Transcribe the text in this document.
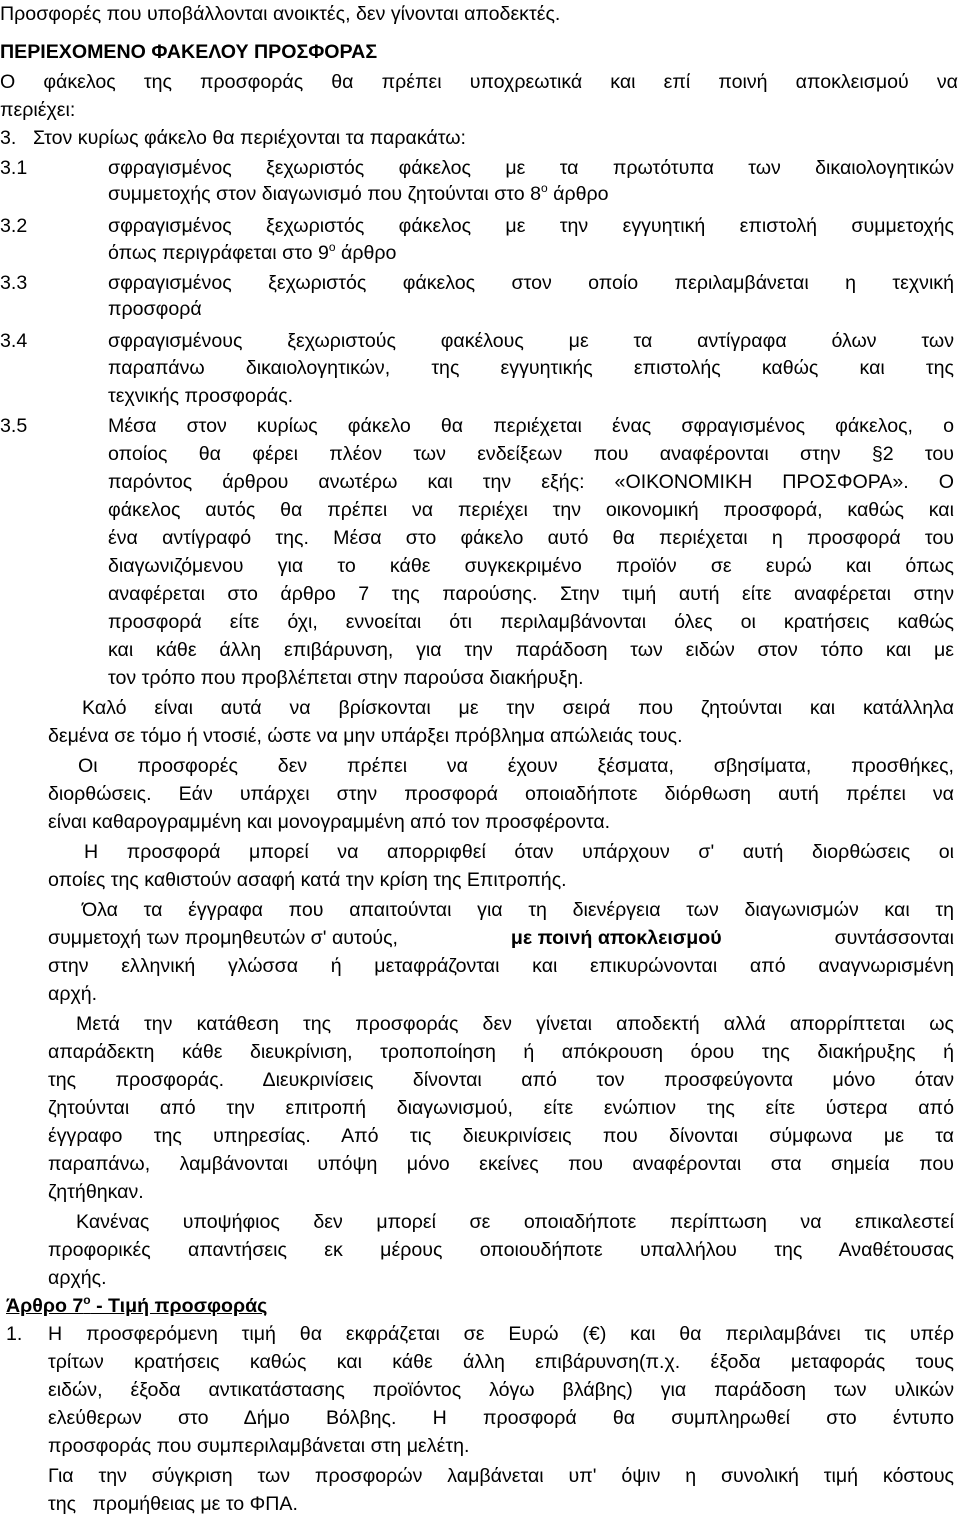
Προσφορές που υποβάλλονται ανοικτές, δεν γίνονται αποδεκτές.
ΠΕΡΙΕΧΟΜΕΝΟ ΦΑΚΕΛΟΥ ΠΡΟΣΦΟΡΑΣ
Ο φάκελος της προσφοράς θα πρέπει υποχρεωτικά και επί ποινή αποκλεισμού να
περιέχει:
3. Στον κυρίως φάκελο θα περιέχονται τα παρακάτω:
3.1	σφραγισμένος ξεχωριστός φάκελος με τα πρωτότυπα των δικαιολογητικών
συμμετοχής στον διαγωνισμό που ζητούνται στο $8^o$ άρθρο
3.2	σφραγισμένος ξεχωριστός φάκελος με την εγγυητική επιστολή συμμετοχής
όπως περιγράφεται στο $9^o$ άρθρο
3.3	σφραγισμένος ξεχωριστός φάκελος στον οποίο περιλαμβάνεται η τεχνική
προσφορά
3.4	σφραγισμένους ξεχωριστούς φακέλους με τα αντίγραφα όλων των
παραπάνω δικαιολογητικών, της εγγυητικής επιστολής καθώς και της
τεχνικής προσφοράς.
3.5	Μέσα στον κυρίως φάκελο θα περιέχεται ένας σφραγισμένος φάκελος, ο
οποίος θα φέρει πλέον των ενδείξεων που αναφέρονται στην §2 του
παρόντος άρθρου ανωτέρω και την εξής: «ΟΙΚΟΝΟΜΙΚΗ ΠΡΟΣΦΟΡΑ». Ο
φάκελος αυτός θα πρέπει να περιέχει την οικονομική προσφορά, καθώς και
ένα αντίγραφό της. Μέσα στο φάκελο αυτό θα περιέχεται η προσφορά του
διαγωνιζόμενου για το κάθε συγκεκριμένο προϊόν σε ευρώ και όπως
αναφέρεται στο άρθρο 7 της παρούσης. Στην τιμή αυτή είτε αναφέρεται στην
προσφορά είτε όχι, εννοείται ότι περιλαμβάνονται όλες οι κρατήσεις καθώς
και κάθε άλλη επιβάρυνση, για την παράδοση των ειδών στον τόπο και με
τον τρόπο που προβλέπεται στην παρούσα διακήρυξη.
Καλό είναι αυτά να βρίσκονται με την σειρά που ζητούνται και κατάλληλα
δεμένα σε τόμο ή ντοσιέ, ώστε να μην υπάρξει πρόβλημα απώλειάς τους.
Οι προσφορές δεν πρέπει να έχουν ξέσματα, σβησίματα, προσθήκες,
διορθώσεις. Εάν υπάρχει στην προσφορά οποιαδήποτε διόρθωση αυτή πρέπει να
είναι καθαρογραμμένη και μονογραμμένη από τον προσφέροντα.
Η προσφορά μπορεί να απορριφθεί όταν υπάρχουν σ' αυτή διορθώσεις οι
οποίες της καθιστούν ασαφή κατά την κρίση της Επιτροπής.
Όλα τα έγγραφα που απαιτούνται για τη διενέργεια των διαγωνισμών και τη
συμμετοχή των προμηθευτών σ' αυτούς,	με ποινή αποκλεισμού	συντάσσονται
στην ελληνική γλώσσα ή μεταφράζονται και επικυρώνονται από αναγνωρισμένη
αρχή.
Μετά την κατάθεση της προσφοράς δεν γίνεται αποδεκτή αλλά απορρίπτεται ως
απαράδεκτη κάθε διευκρίνιση, τροποποίηση ή απόκρουση όρου της διακήρυξης ή
της προσφοράς. Διευκρινίσεις δίνονται από τον προσφεύγοντα μόνο όταν
ζητούνται από την επιτροπή διαγωνισμού, είτε ενώπιον της είτε ύστερα από
έγγραφο της υπηρεσίας. Από τις διευκρινίσεις που δίνονται σύμφωνα με τα
παραπάνω, λαμβάνονται υπόψη μόνο εκείνες που αναφέρονται στα σημεία που
ζητήθηκαν.
Κανένας υποψήφιος δεν μπορεί σε οποιαδήποτε περίπτωση να επικαλεστεί
προφορικές απαντήσεις εκ μέρους οποιουδήποτε υπαλλήλου της Αναθέτουσας
αρχής.
Άρθρο $7^o$ - Τιμή προσφοράς
1. Η προσφερόμενη τιμή θα εκφράζεται σε Ευρώ (€) και θα περιλαμβάνει τις υπέρ
τρίτων κρατήσεις καθώς και κάθε άλλη επιβάρυνση(π.χ. έξοδα μεταφοράς τους
ειδών, έξοδα αντικατάστασης προϊόντος λόγω βλάβης) για παράδοση των υλικών
ελεύθερων στο Δήμο Βόλβης. Η προσφορά θα συμπληρωθεί στο έντυπο
προσφοράς που συμπεριλαμβάνεται στη μελέτη.
Για την σύγκριση των προσφορών λαμβάνεται υπ' όψιν η συνολική τιμή κόστους
της   προμήθειας με το ΦΠΑ.
